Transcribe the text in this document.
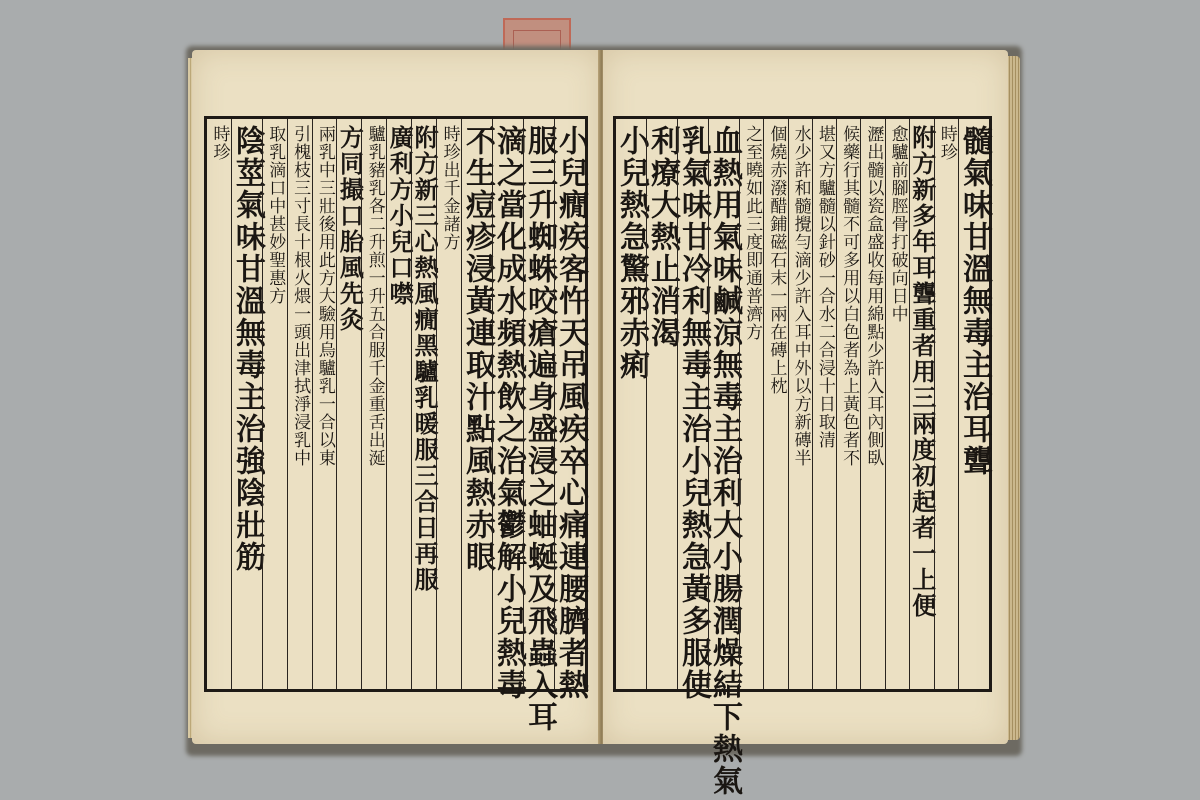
小兒癇疾客忤天吊風疾卒心痛連腰臍者熱
服三升蜘蛛咬瘡遍身盛浸之蚰蜒及飛蟲入耳
滴之當化成水頻熱飲之治氣鬱解小兒熱毒
不生痘疹浸黃連取汁點風熱赤眼
時珍出千金諸方
附方新三心熱風癇黑驢乳暖服三合日再服
廣利方小兒口噤
驢乳豬乳各二升煎一升五合服千金重舌出涎
方同撮口胎風先灸
兩乳中三壯後用此方大驗用烏驢乳一合以東
引槐枝三寸長十根火煨一頭出津拭淨浸乳中
取乳滴口中甚妙聖惠方
陰莖氣味甘溫無毒主治強陰壯筋
時珍	髓氣味甘溫無毒主治耳聾
時珍
附方新多年耳聾重者用三兩度初起者一上便
愈驢前腳脛骨打破向日中
瀝出髓以瓷盒盛收每用綿點少許入耳內側臥
候藥行其髓不可多用以白色者為上黃色者不
堪又方驢髓以針砂一合水二合浸十日取清
水少許和髓攪勻滴少許入耳中外以方新磚半
個燒赤潑醋鋪磁石末一兩在磚上枕
之至曉如此三度即通普濟方
血熱用氣味鹹涼無毒主治利大小腸潤燥結下熱氣
乳氣味甘冷利無毒主治小兒熱急黃多服使
利療大熱止消渴
小兒熱急驚邪赤痢
